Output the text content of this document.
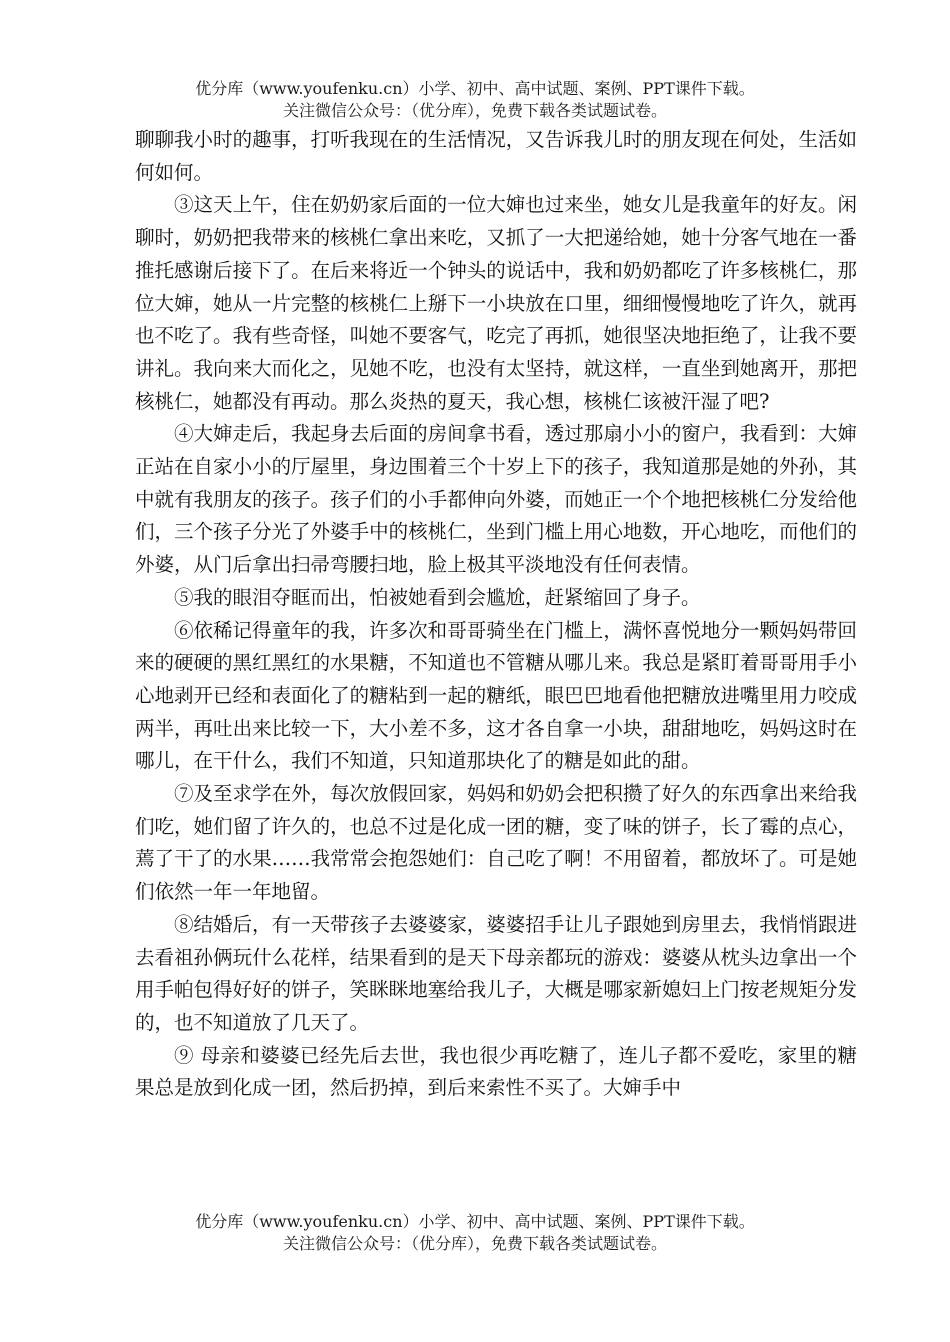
优分库（www.youfenku.cn）小学、初中、高中试题、案例、PPT课件下载。
关注微信公众号：（优分库），免费下载各类试题试卷。

聊聊我小时的趣事，打听我现在的生活情况，又告诉我儿时的朋友现在何处，生活如何如何。

③这天上午，住在奶奶家后面的一位大婶也过来坐，她女儿是我童年的好友。闲聊时，奶奶把我带来的核桃仁拿出来吃，又抓了一大把递给她，她十分客气地在一番推托感谢后接下了。在后来将近一个钟头的说话中，我和奶奶都吃了许多核桃仁，那位大婶，她从一片完整的核桃仁上掰下一小块放在口里，细细慢慢地吃了许久，就再也不吃了。我有些奇怪，叫她不要客气，吃完了再抓，她很坚决地拒绝了，让我不要讲礼。我向来大而化之，见她不吃，也没有太坚持，就这样，一直坐到她离开，那把核桃仁，她都没有再动。那么炎热的夏天，我心想，核桃仁该被汗湿了吧?

④大婶走后，我起身去后面的房间拿书看，透过那扇小小的窗户，我看到：大婶正站在自家小小的厅屋里，身边围着三个十岁上下的孩子，我知道那是她的外孙，其中就有我朋友的孩子。孩子们的小手都伸向外婆，而她正一个个地把核桃仁分发给他们，三个孩子分光了外婆手中的核桃仁，坐到门槛上用心地数，开心地吃，而他们的外婆，从门后拿出扫帚弯腰扫地，脸上极其平淡地没有任何表情。

⑤我的眼泪夺眶而出，怕被她看到会尴尬，赶紧缩回了身子。

⑥依稀记得童年的我，许多次和哥哥骑坐在门槛上，满怀喜悦地分一颗妈妈带回来的硬硬的黑红黑红的水果糖，不知道也不管糖从哪儿来。我总是紧盯着哥哥用手小心地剥开已经和表面化了的糖粘到一起的糖纸，眼巴巴地看他把糖放进嘴里用力咬成两半，再吐出来比较一下，大小差不多，这才各自拿一小块，甜甜地吃，妈妈这时在哪儿，在干什么，我们不知道，只知道那块化了的糖是如此的甜。

⑦及至求学在外，每次放假回家，妈妈和奶奶会把积攒了好久的东西拿出来给我们吃，她们留了许久的，也总不过是化成一团的糖，变了味的饼子，长了霉的点心，蔫了干了的水果……我常常会抱怨她们：自己吃了啊！不用留着，都放坏了。可是她们依然一年一年地留。

⑧结婚后，有一天带孩子去婆婆家，婆婆招手让儿子跟她到房里去，我悄悄跟进去看祖孙俩玩什么花样，结果看到的是天下母亲都玩的游戏：婆婆从枕头边拿出一个用手帕包得好好的饼子，笑眯眯地塞给我儿子，大概是哪家新媳妇上门按老规矩分发的，也不知道放了几天了。

⑨ 母亲和婆婆已经先后去世，我也很少再吃糖了，连儿子都不爱吃，家里的糖果总是放到化成一团，然后扔掉，到后来索性不买了。大婶手中

优分库（www.youfenku.cn）小学、初中、高中试题、案例、PPT课件下载。
关注微信公众号：（优分库），免费下载各类试题试卷。
